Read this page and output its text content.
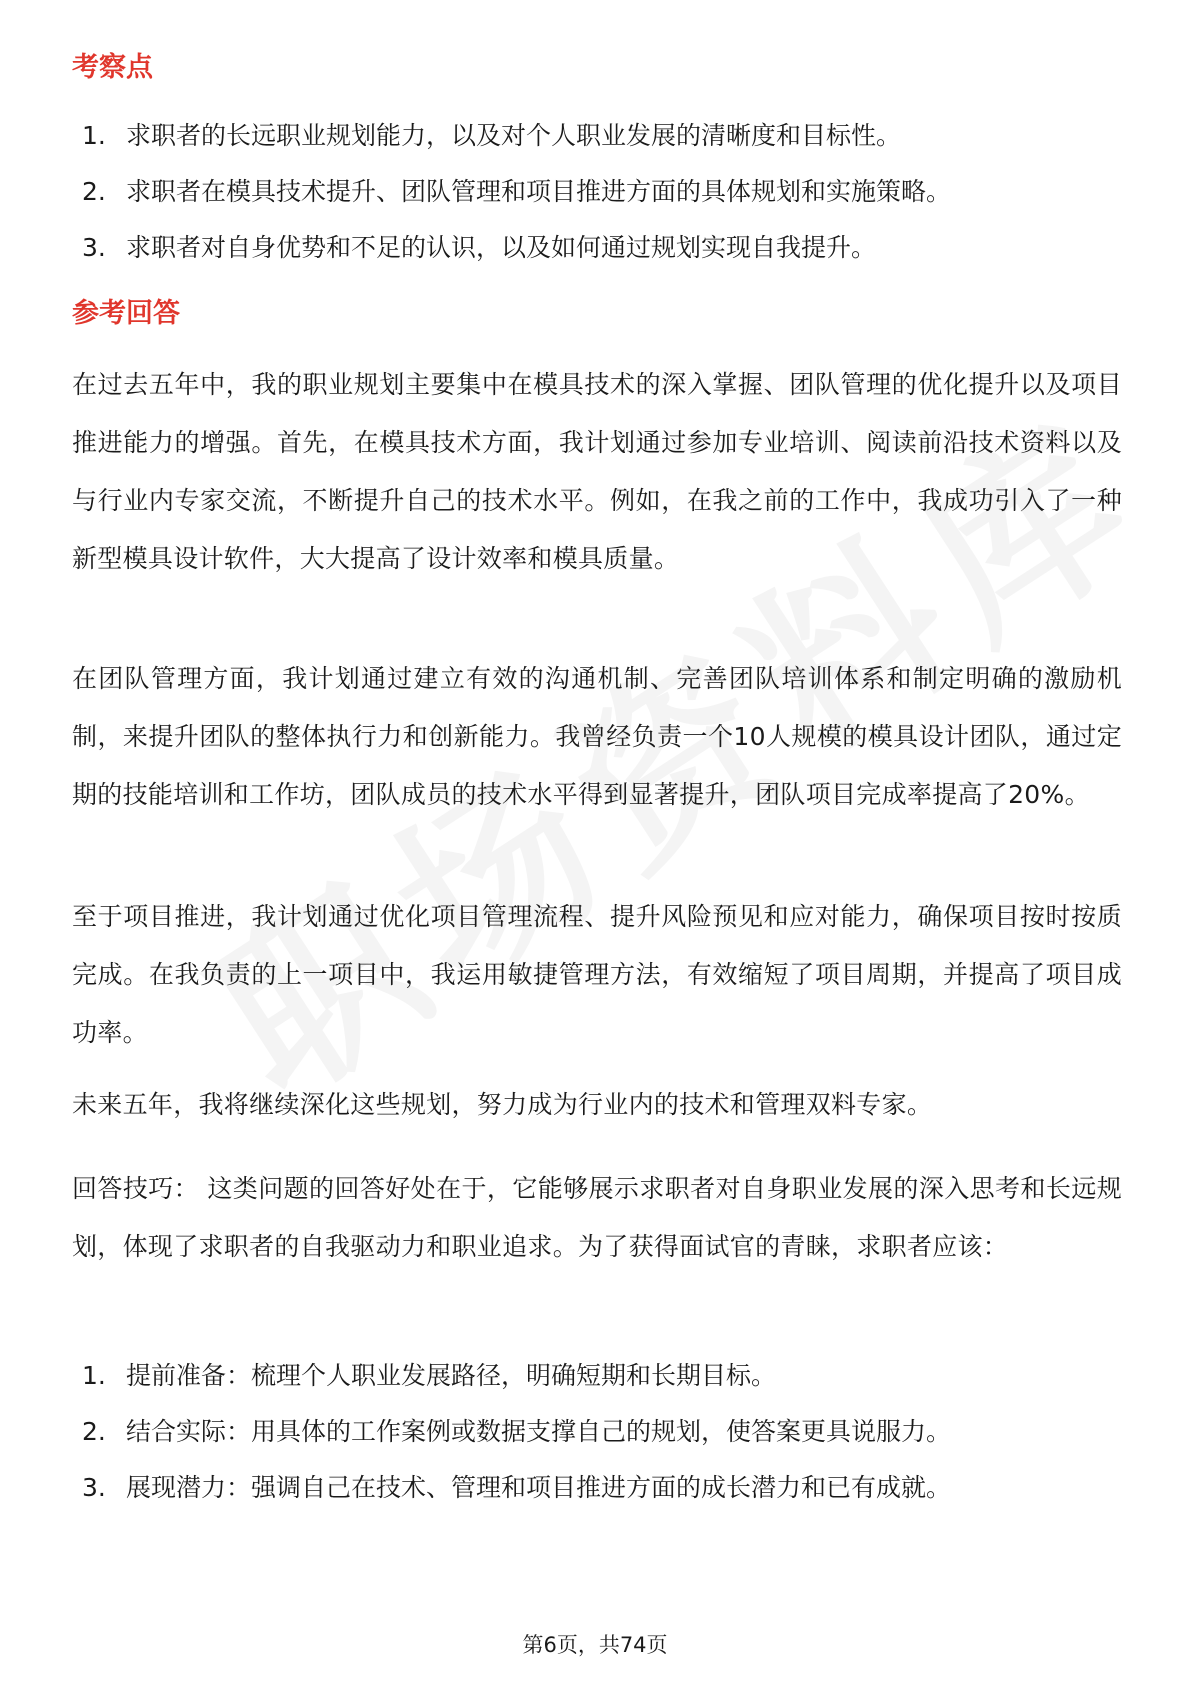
考察点
1. 求职者的长远职业规划能力，以及对个人职业发展的清晰度和目标性。
2. 求职者在模具技术提升、团队管理和项目推进方面的具体规划和实施策略。
3. 求职者对自身优势和不足的认识，以及如何通过规划实现自我提升。
参考回答

在过去五年中，我的职业规划主要集中在模具技术的深入掌握、团队管理的优化提升以及项目推进能力的增强。首先，在模具技术方面，我计划通过参加专业培训、阅读前沿技术资料以及与行业内专家交流，不断提升自己的技术水平。例如，在我之前的工作中，我成功引入了一种新型模具设计软件，大大提高了设计效率和模具质量。

在团队管理方面，我计划通过建立有效的沟通机制、完善团队培训体系和制定明确的激励机制，来提升团队的整体执行力和创新能力。我曾经负责一个10人规模的模具设计团队，通过定期的技能培训和工作坊，团队成员的技术水平得到显著提升，团队项目完成率提高了20%。

至于项目推进，我计划通过优化项目管理流程、提升风险预见和应对能力，确保项目按时按质完成。在我负责的上一项目中，我运用敏捷管理方法，有效缩短了项目周期，并提高了项目成功率。

未来五年，我将继续深化这些规划，努力成为行业内的技术和管理双料专家。

回答技巧： 这类问题的回答好处在于，它能够展示求职者对自身职业发展的深入思考和长远规划，体现了求职者的自我驱动力和职业追求。为了获得面试官的青睐，求职者应该：

1. 提前准备：梳理个人职业发展路径，明确短期和长期目标。
2. 结合实际：用具体的工作案例或数据支撑自己的规划，使答案更具说服力。
3. 展现潜力：强调自己在技术、管理和项目推进方面的成长潜力和已有成就。
第6页，共74页
